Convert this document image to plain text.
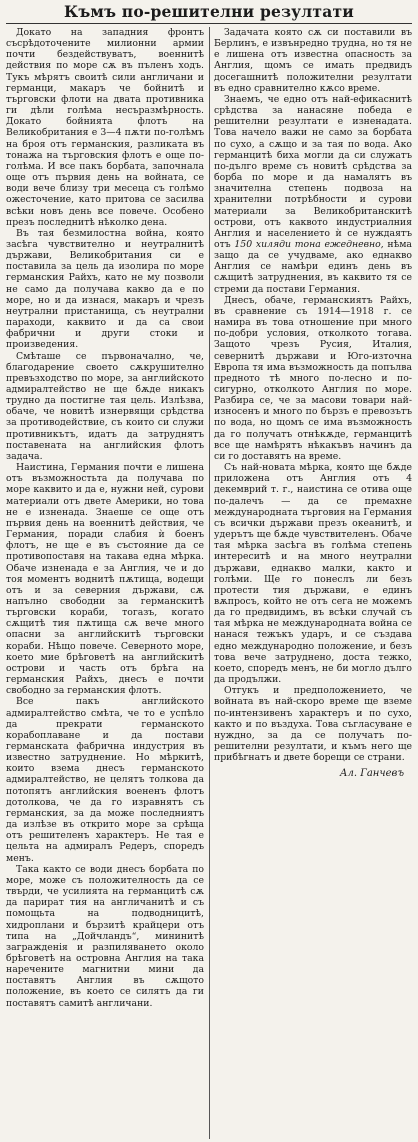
Къмъ по-решителни резултати

Докато на западния фронтъ съсрѣдоточените милионни армии почти бездействуватъ, военнитѣ действия по море сѫ въ пъленъ ходъ. Тукъ мѣрятъ своитѣ сили англичани и германци, макаръ че бойнитѣ и търговски флоти на двата противника ги дѣли голѣма несъразмѣрность. Докато бойнията флотъ на Великобритания е 3—4 пѫти по-голѣмъ на броя отъ германския, разликата въ тонажа на търговския флотъ е още по-голѣма. И все пакъ борбата, започнала още отъ първия день на войната, се води вече близу три месеца съ голѣмо ожесточение, като притова се засилва всѣки новъ день все повече. Особено презъ последнитѣ нѣколко дена.

Въ тая безмилостна война, която засѣга чувствително и неутралнитѣ държави, Великобритания си е поставила за цель да изолира по море германския Райхъ, като не му позволи не само да получава какво да е по море, но и да изнася, макаръ и чрезъ неутрални пристанища, съ неутрални параходи, каквито и да са свои фабрични и други стоки и произведения.

Смѣташе се първоначално, че, благодарение своето сѫкрушително превъзходство по море, за английското адмиралтейство не ще бѫде никакъ трудно да постигне тая цель. Излѣзва, обаче, че новитѣ изнервящи срѣдства за противодействие, съ които си служи противникътъ, идатъ да затруднятъ поставената на английския флотъ задача.

Наистина, Германия почти е лишена отъ възможностьта да получава по море каквито и да е, нужни ней, сурови материали отъ двете Америки, но това не е изненада. Знаеше се още отъ първия день на военнитѣ действия, че Германия, поради слабия ѝ боенъ флотъ, не ще е въ състояние да се противопоставя на такава една мѣрка. Обаче изненада е за Англия, че и до тоя моментъ воднитѣ пѫтища, водещи отъ и за северния държави, сѫ напълно свободни за германскитѣ търговски кораби, тогазъ, когато сѫщитѣ тия пѫтища сѫ вече много опасни за английскитѣ търговски кораби. Нѣщо повече. Северното море, което мие брѣговетѣ на английскитѣ острови и часть отъ брѣга на германския Райхъ, днесъ е почти свободно за германския флотъ.

Все пакъ английското адмиралтейство смѣта, че то е успѣло да прекрати германското корабоплаване и да постави германската фабрична индустрия въ известно затруднение. Но мѣркитѣ, които взема днесъ германското адмиралтейство, не целятъ толкова да потопятъ английския воененъ флотъ дотолкова, че да го изравнятъ съ германския, за да може последниятъ да излѣзе въ открито море за срѣща отъ решителенъ характеръ. Не тая е цельта на адмиралъ Редеръ, споредъ менъ.

Така както се води днесъ борбата по море, може съ положителность да се твърди, че усилията на германцитѣ сѫ да парират тия на англичанитѣ и съ помощьта на подводницитѣ, хидроплани и бързитѣ крайцери отъ типа на „Дойчландъ“, мининитѣ загражденія и разпиляването около брѣговетѣ на островна Англия на така наречените магнитни мини да поставятъ Англия въ сѫщото положение, въ което се силятъ да ги поставятъ самитѣ англичани.

Задачата която сѫ си поставили въ Берлинъ, е извънредно трудна, но тя не е лишена отъ известна опасность за Англия, щомъ се имать предвидъ досегашнитѣ положителни резултати въ едно сравнително кѫсо време.

Знаемъ, че едно отъ най-ефикаснитѣ срѣдства за нанасяне победа е решителни резултати е изненадата. Това начело важи не само за борбата по сухо, а сѫщо и за тая по вода. Ако германцитѣ биха могли да си служатъ по-дълго време съ новитѣ срѣдства за борба по море и да намалятъ въ значителна степень подвоза на хранителни потрѣбности и сурови материали за Великобританскитѣ острови, отъ каквото индустриалния Англия и населението ѝ се нуждаятъ отъ 150 хиляди тона ежедневно, нѣма защо да се учудваме, ако еднакво Англия се намѣри единъ день въ сѫщитѣ затруднения, въ каквито тя се стреми да постави Германия.

Днесъ, обаче, германскиятъ Райхъ, въ сравнение съ 1914—1918 г. се намира въ това отношение при много по-добри условия, отколкото тогава. Защото чрезъ Русия, Италия, севернитѣ държави и Юго-източна Европа тя има възможность да попълва предното тѣ много по-лесно и по-сигурно, отколкото Англия по море. Разбира се, че за масови товари най-износенъ и много по бързъ е превозътъ по вода, но щомъ се има възможность да го получатъ отнѣкѫде, германцитѣ все ще намѣрятъ нѣкакъвъ начинъ да си го доставятъ на време.

Съ най-новата мѣрка, която ще бѫде приложена отъ Англия отъ 4 декемврий т. г., наистина се отива още по-далечъ — да се премахне международната търговия на Германия съ всички държави презъ океанитѣ, и удерътъ ще бѫде чувствителенъ. Обаче тая мѣрка засѣга въ голѣма степень интереситѣ и на много неутрални държави, еднакво малки, както и голѣми. Ще го понеслъ ли безъ протести тия държави, е единъ вѫпросъ, който не отъ сега не можемъ да го предвидимъ, въ всѣки случай съ тая мѣрка не международната война се нанася тежъкъ ударъ, и се създава едно международно положение, и безъ това вече затруднено, доста тежко, което, споредъ менъ, не би могло дълго да продължи.

Отгукъ и предположението, че войната въ най-скоро време ще вземе по-интензивенъ характеръ и по сухо, както и по въздуха. Това съгласуване е нуждно, за да се получатъ по-решителни резултати, и къмъ него ще прибѣгнатъ и двете борещи се страни.

Ал. Ганчевъ
